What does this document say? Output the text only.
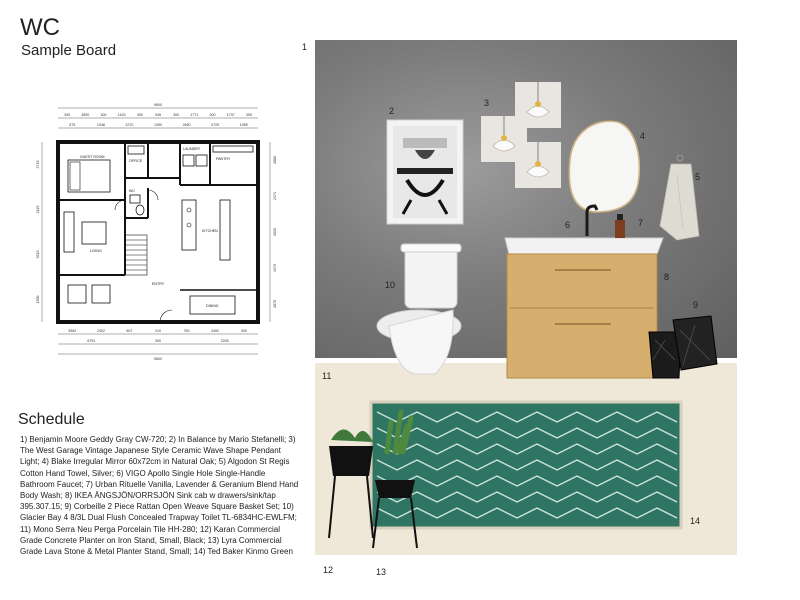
WC
Sample Board
GUEST ROOM
OFFICE
LAUNDRY
PANTRY
WC
LIVING
KITCHEN
ENTRY
DINING
9600
305	2890	300	1153	300	945	300	1771	300	1737	305
575	1048	2270	1350	2450	2725	1089
3962	2402	607	210	750	2492	305
6791	300	2205
9600
3719
2115
3519
1596
2880
2471
3030
4370
2875
Schedule
1) Benjamin Moore Geddy Gray CW-720; 2) In Balance by Mario Stefanelli; 3) The West Garage Vintage Japanese Style Ceramic Wave Shape Pendant Light; 4) Blake Irregular Mirror 60x72cm in Natural Oak; 5) Algodon St Regis Cotton Hand Towel, Silver; 6) VIGO Apollo Single Hole Single-Handle Bathroom Faucet; 7) Urban Rituelle Vanilla, Lavender & Geranium Blend Hand Body Wash; 8) IKEA ÄNGSJÖN/ORRSJÖN Sink cab w drawers/sink/tap 395.307.15; 9) Corbeille 2 Piece Rattan Open Weave Square Basket Set; 10) Glacier Bay 4 8/3L Dual Flush Concealed Trapway Toilet TL-6834HC-EWLFM; 11) Mono Serra Neu Perga Porcelain Tile HH-280; 12) Karan Commercial Grade Concrete Planter on Iron Stand, Small, Black; 13) Lyra Commercial Grade Lava Stone & Metal Planter Stand, Small; 14) Ted Baker Kinmo Green
1
2
3
4
5
6	7
8
9
10
11
12	13
14
